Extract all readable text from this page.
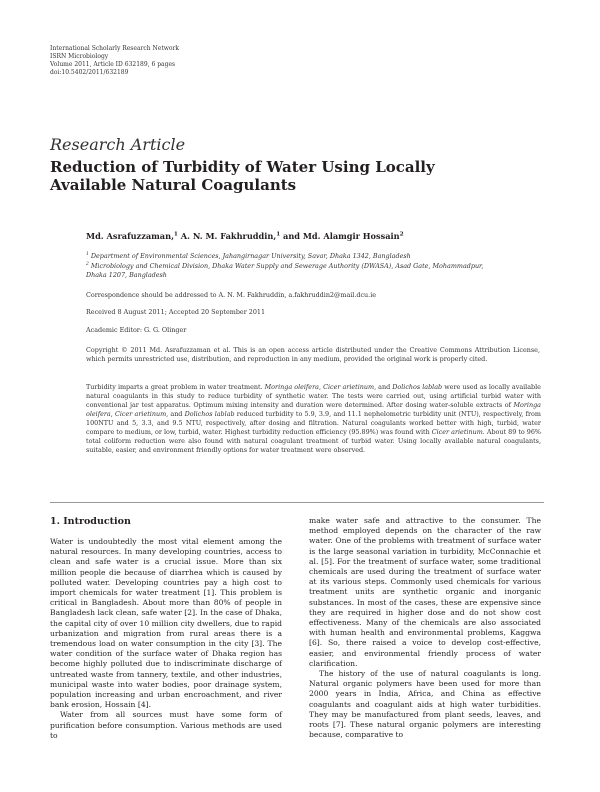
International Scholarly Research Network
ISRN Microbiology
Volume 2011, Article ID 632189, 6 pages
doi:10.5402/2011/632189
Research Article
Reduction of Turbidity of Water Using Locally
Available Natural Coagulants
Md. Asrafuzzaman,$^1$ A. N. M. Fakhruddin,$^1$ and Md. Alamgir Hossain$^2$
$^1$ Department of Environmental Sciences, Jahangirnagar University, Savar, Dhaka 1342, Bangladesh
$^2$ Microbiology and Chemical Division, Dhaka Water Supply and Sewerage Authority (DWASA), Asad Gate, Mohammadpur, Dhaka 1207, Bangladesh
Correspondence should be addressed to A. N. M. Fakhruddin, a.fakhruddin2@mail.dcu.ie
Received 8 August 2011; Accepted 20 September 2011
Academic Editor: G. G. Olinger
Copyright © 2011 Md. Asrafuzzaman et al. This is an open access article distributed under the Creative Commons Attribution License, which permits unrestricted use, distribution, and reproduction in any medium, provided the original work is properly cited.
Turbidity imparts a great problem in water treatment. Moringa oleifera, Cicer arietinum, and Dolichos lablab were used as locally available natural coagulants in this study to reduce turbidity of synthetic water. The tests were carried out, using artificial turbid water with conventional jar test apparatus. Optimum mixing intensity and duration were determined. After dosing water-soluble extracts of Moringa oleifera, Cicer arietinum, and Dolichos lablab reduced turbidity to 5.9, 3.9, and 11.1 nephelometric turbidity unit (NTU), respectively, from 100NTU and 5, 3.3, and 9.5 NTU, respectively, after dosing and filtration. Natural coagulants worked better with high, turbid, water compare to medium, or low, turbid, water. Highest turbidity reduction efficiency (95.89%) was found with Cicer arietinum. About 89 to 96% total coliform reduction were also found with natural coagulant treatment of turbid water. Using locally available natural coagulants, suitable, easier, and environment friendly options for water treatment were observed.
1. Introduction

Water is undoubtedly the most vital element among the natural resources. In many developing countries, access to clean and safe water is a crucial issue. More than six million people die because of diarrhea which is caused by polluted water. Developing countries pay a high cost to import chemicals for water treatment [1]. This problem is critical in Bangladesh. About more than 80% of people in Bangladesh lack clean, safe water [2]. In the case of Dhaka, the capital city of over 10 million city dwellers, due to rapid urbanization and migration from rural areas there is a tremendous load on water consumption in the city [3]. The water condition of the surface water of Dhaka region has become highly polluted due to indiscriminate discharge of untreated waste from tannery, textile, and other industries, municipal waste into water bodies, poor drainage system, population increasing and urban encroachment, and river bank erosion, Hossain [4].

Water from all sources must have some form of purification before consumption. Various methods are used to

make water safe and attractive to the consumer. The method employed depends on the character of the raw water. One of the problems with treatment of surface water is the large seasonal variation in turbidity, McConnachie et al. [5]. For the treatment of surface water, some traditional chemicals are used during the treatment of surface water at its various steps. Commonly used chemicals for various treatment units are synthetic organic and inorganic substances. In most of the cases, these are expensive since they are required in higher dose and do not show cost effectiveness. Many of the chemicals are also associated with human health and environmental problems, Kaggwa [6]. So, there raised a voice to develop cost-effective, easier, and environmental friendly process of water clarification.

The history of the use of natural coagulants is long. Natural organic polymers have been used for more than 2000 years in India, Africa, and China as effective coagulants and coagulant aids at high water turbidities. They may be manufactured from plant seeds, leaves, and roots [7]. These natural organic polymers are interesting because, comparative to
